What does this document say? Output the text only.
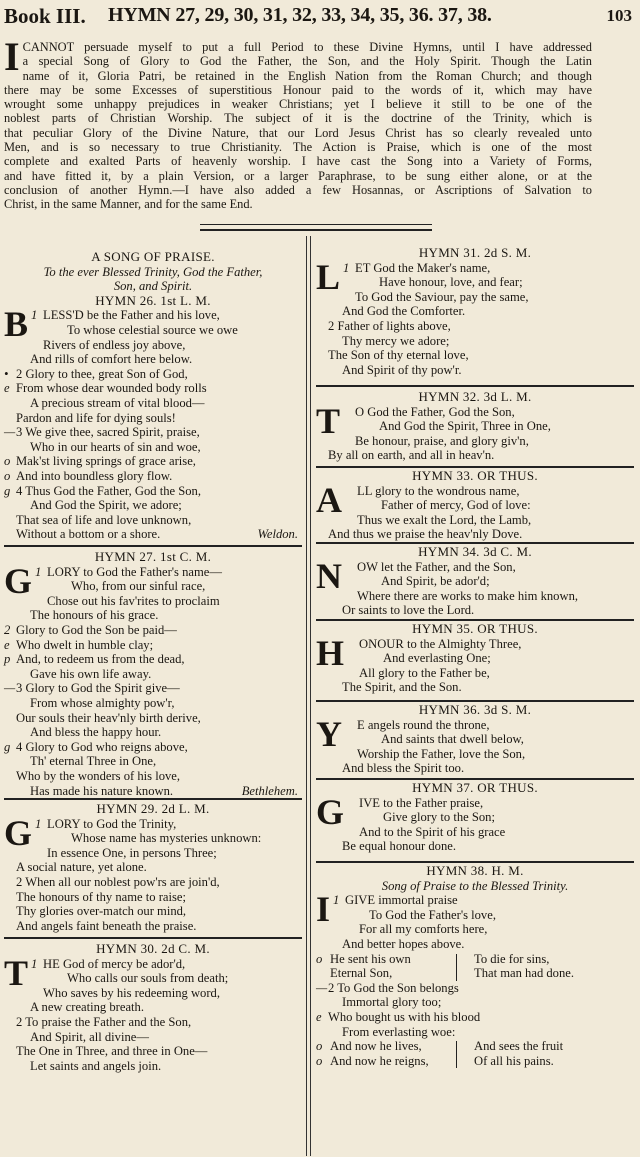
Book III. HYMN 27, 29, 30, 31, 32, 33, 34, 35, 36. 37, 38.	103
I CANNOT persuade myself to put a full Period to these Divine Hymns, until I have addressed
a special Song of Glory to God the Father, the Son, and the Holy Spirit. Though the Latin
name of it, Gloria Patri, be retained in the English Nation from the Roman Church; and though
there may be some Excesses of superstitious Honour paid to the words of it, which may have
wrought some unhappy prejudices in weaker Christians; yet I believe it still to be one of the
noblest parts of Christian Worship. The subject of it is the doctrine of the Trinity, which is
that peculiar Glory of the Divine Nature, that our Lord Jesus Christ has so clearly revealed unto
Men, and is so necessary to true Christianity. The Action is Praise, which is one of the most
complete and exalted Parts of heavenly worship. I have cast the Song into a Variety of Forms,
and have fitted it, by a plain Version, or a larger Paraphrase, to be sung either alone, or at the
conclusion of another Hymn.—I have also added a few Hosannas, or Ascriptions of Salvation to
Christ, in the same Manner, and for the same End.
A SONG OF PRAISE.
To the ever Blessed Trinity, God the Father,
Son, and Spirit.
HYMN 26. 1st L. M.
1
B LESS'D be the Father and his love,
To whose celestial source we owe
Rivers of endless joy above,
And rills of comfort here below.
• 2 Glory to thee, great Son of God,
e From whose dear wounded body rolls
A precious stream of vital blood—
Pardon and life for dying souls!
—3 We give thee, sacred Spirit, praise,
Who in our hearts of sin and woe,
o Mak'st living springs of grace arise,
o And into boundless glory flow.
g 4 Thus God the Father, God the Son,
And God the Spirit, we adore;
That sea of life and love unknown,
Without a bottom or a shore.	Weldon.
HYMN 27. 1st C. M.
1
G LORY to God the Father's name—
Who, from our sinful race,
Chose out his fav'rites to proclaim
The honours of his grace.
2 Glory to God the Son be paid—
e Who dwelt in humble clay;
p And, to redeem us from the dead,
Gave his own life away.
—3 Glory to God the Spirit give—
From whose almighty pow'r,
Our souls their heav'nly birth derive,
And bless the happy hour.
g 4 Glory to God who reigns above,
Th' eternal Three in One,
Who by the wonders of his love,
Has made his nature known.	Bethlehem.
HYMN 29. 2d L. M.
1
G LORY to God the Trinity,
Whose name has mysteries unknown:
In essence One, in persons Three;
A social nature, yet alone.
2 When all our noblest pow'rs are join'd,
The honours of thy name to raise;
Thy glories over-match our mind,
And angels faint beneath the praise.
HYMN 30. 2d C. M.
1
T HE God of mercy be ador'd,
Who calls our souls from death;
Who saves by his redeeming word,
A new creating breath.
2 To praise the Father and the Son,
And Spirit, all divine—
The One in Three, and three in One—
Let saints and angels join.
HYMN 31. 2d S. M.
1
L ET God the Maker's name,
Have honour, love, and fear;
To God the Saviour, pay the same,
And God the Comforter.
2 Father of lights above,
Thy mercy we adore;
The Son of thy eternal love,
And Spirit of thy pow'r.
HYMN 32. 3d L. M.
T O God the Father, God the Son,
And God the Spirit, Three in One,
Be honour, praise, and glory giv'n,
By all on earth, and all in heav'n.
HYMN 33. OR THUS.
A LL glory to the wondrous name,
Father of mercy, God of love:
Thus we exalt the Lord, the Lamb,
And thus we praise the heav'nly Dove.
HYMN 34. 3d C. M.
N OW let the Father, and the Son,
And Spirit, be ador'd;
Where there are works to make him known,
Or saints to love the Lord.
HYMN 35. OR THUS.
H ONOUR to the Almighty Three,
And everlasting One;
All glory to the Father be,
The Spirit, and the Son.
HYMN 36. 3d S. M.
Y E angels round the throne,
And saints that dwell below,
Worship the Father, love the Son,
And bless the Spirit too.
HYMN 37. OR THUS.
G IVE to the Father praise,
Give glory to the Son;
And to the Spirit of his grace
Be equal honour done.
HYMN 38. H. M.
Song of Praise to the Blessed Trinity.
1
I GIVE immortal praise
To God the Father's love,
For all my comforts here,
And better hopes above.
o He sent his own	To die for sins,
Eternal Son,	That man had done.
—2 To God the Son belongs
Immortal glory too;
e Who bought us with his blood
From everlasting woe:
o And now he lives,	And sees the fruit
o And now he reigns,	Of all his pains.
